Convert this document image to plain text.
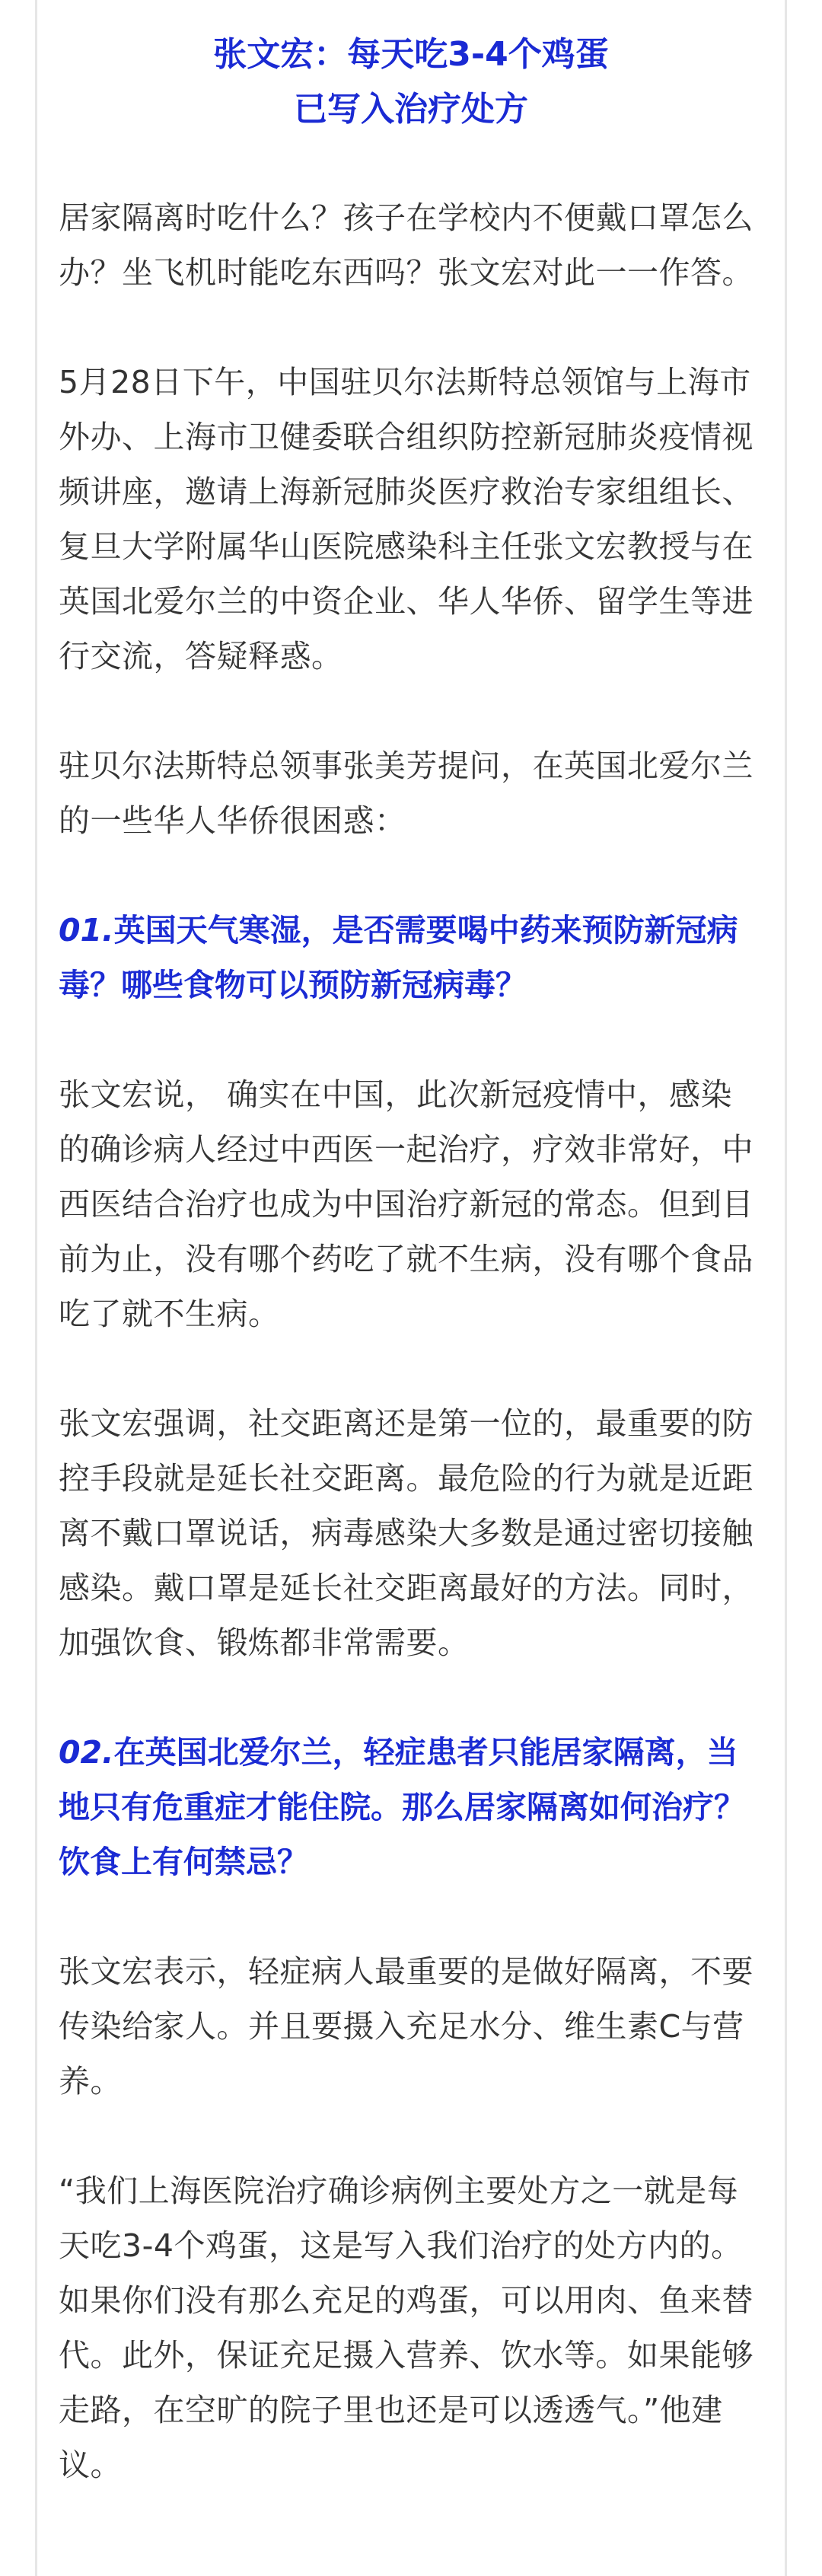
张文宏：每天吃3-4个鸡蛋
已写入治疗处方

居家隔离时吃什么？孩子在学校内不便戴口罩怎么办？坐飞机时能吃东西吗？张文宏对此一一作答。

5月28日下午，中国驻贝尔法斯特总领馆与上海市外办、上海市卫健委联合组织防控新冠肺炎疫情视频讲座，邀请上海新冠肺炎医疗救治专家组组长、复旦大学附属华山医院感染科主任张文宏教授与在英国北爱尔兰的中资企业、华人华侨、留学生等进行交流，答疑释惑。

驻贝尔法斯特总领事张美芳提问，在英国北爱尔兰的一些华人华侨很困惑：

01.英国天气寒湿，是否需要喝中药来预防新冠病毒？哪些食物可以预防新冠病毒？

张文宏说， 确实在中国，此次新冠疫情中，感染的确诊病人经过中西医一起治疗，疗效非常好，中西医结合治疗也成为中国治疗新冠的常态。但到目前为止，没有哪个药吃了就不生病，没有哪个食品吃了就不生病。

张文宏强调，社交距离还是第一位的，最重要的防控手段就是延长社交距离。最危险的行为就是近距离不戴口罩说话，病毒感染大多数是通过密切接触感染。戴口罩是延长社交距离最好的方法。同时，加强饮食、锻炼都非常需要。

02.在英国北爱尔兰，轻症患者只能居家隔离，当地只有危重症才能住院。那么居家隔离如何治疗？饮食上有何禁忌？

张文宏表示，轻症病人最重要的是做好隔离，不要传染给家人。并且要摄入充足水分、维生素C与营养。

“我们上海医院治疗确诊病例主要处方之一就是每天吃3-4个鸡蛋，这是写入我们治疗的处方内的。如果你们没有那么充足的鸡蛋，可以用肉、鱼来替代。此外，保证充足摄入营养、饮水等。如果能够走路，在空旷的院子里也还是可以透透气。”他建议。
